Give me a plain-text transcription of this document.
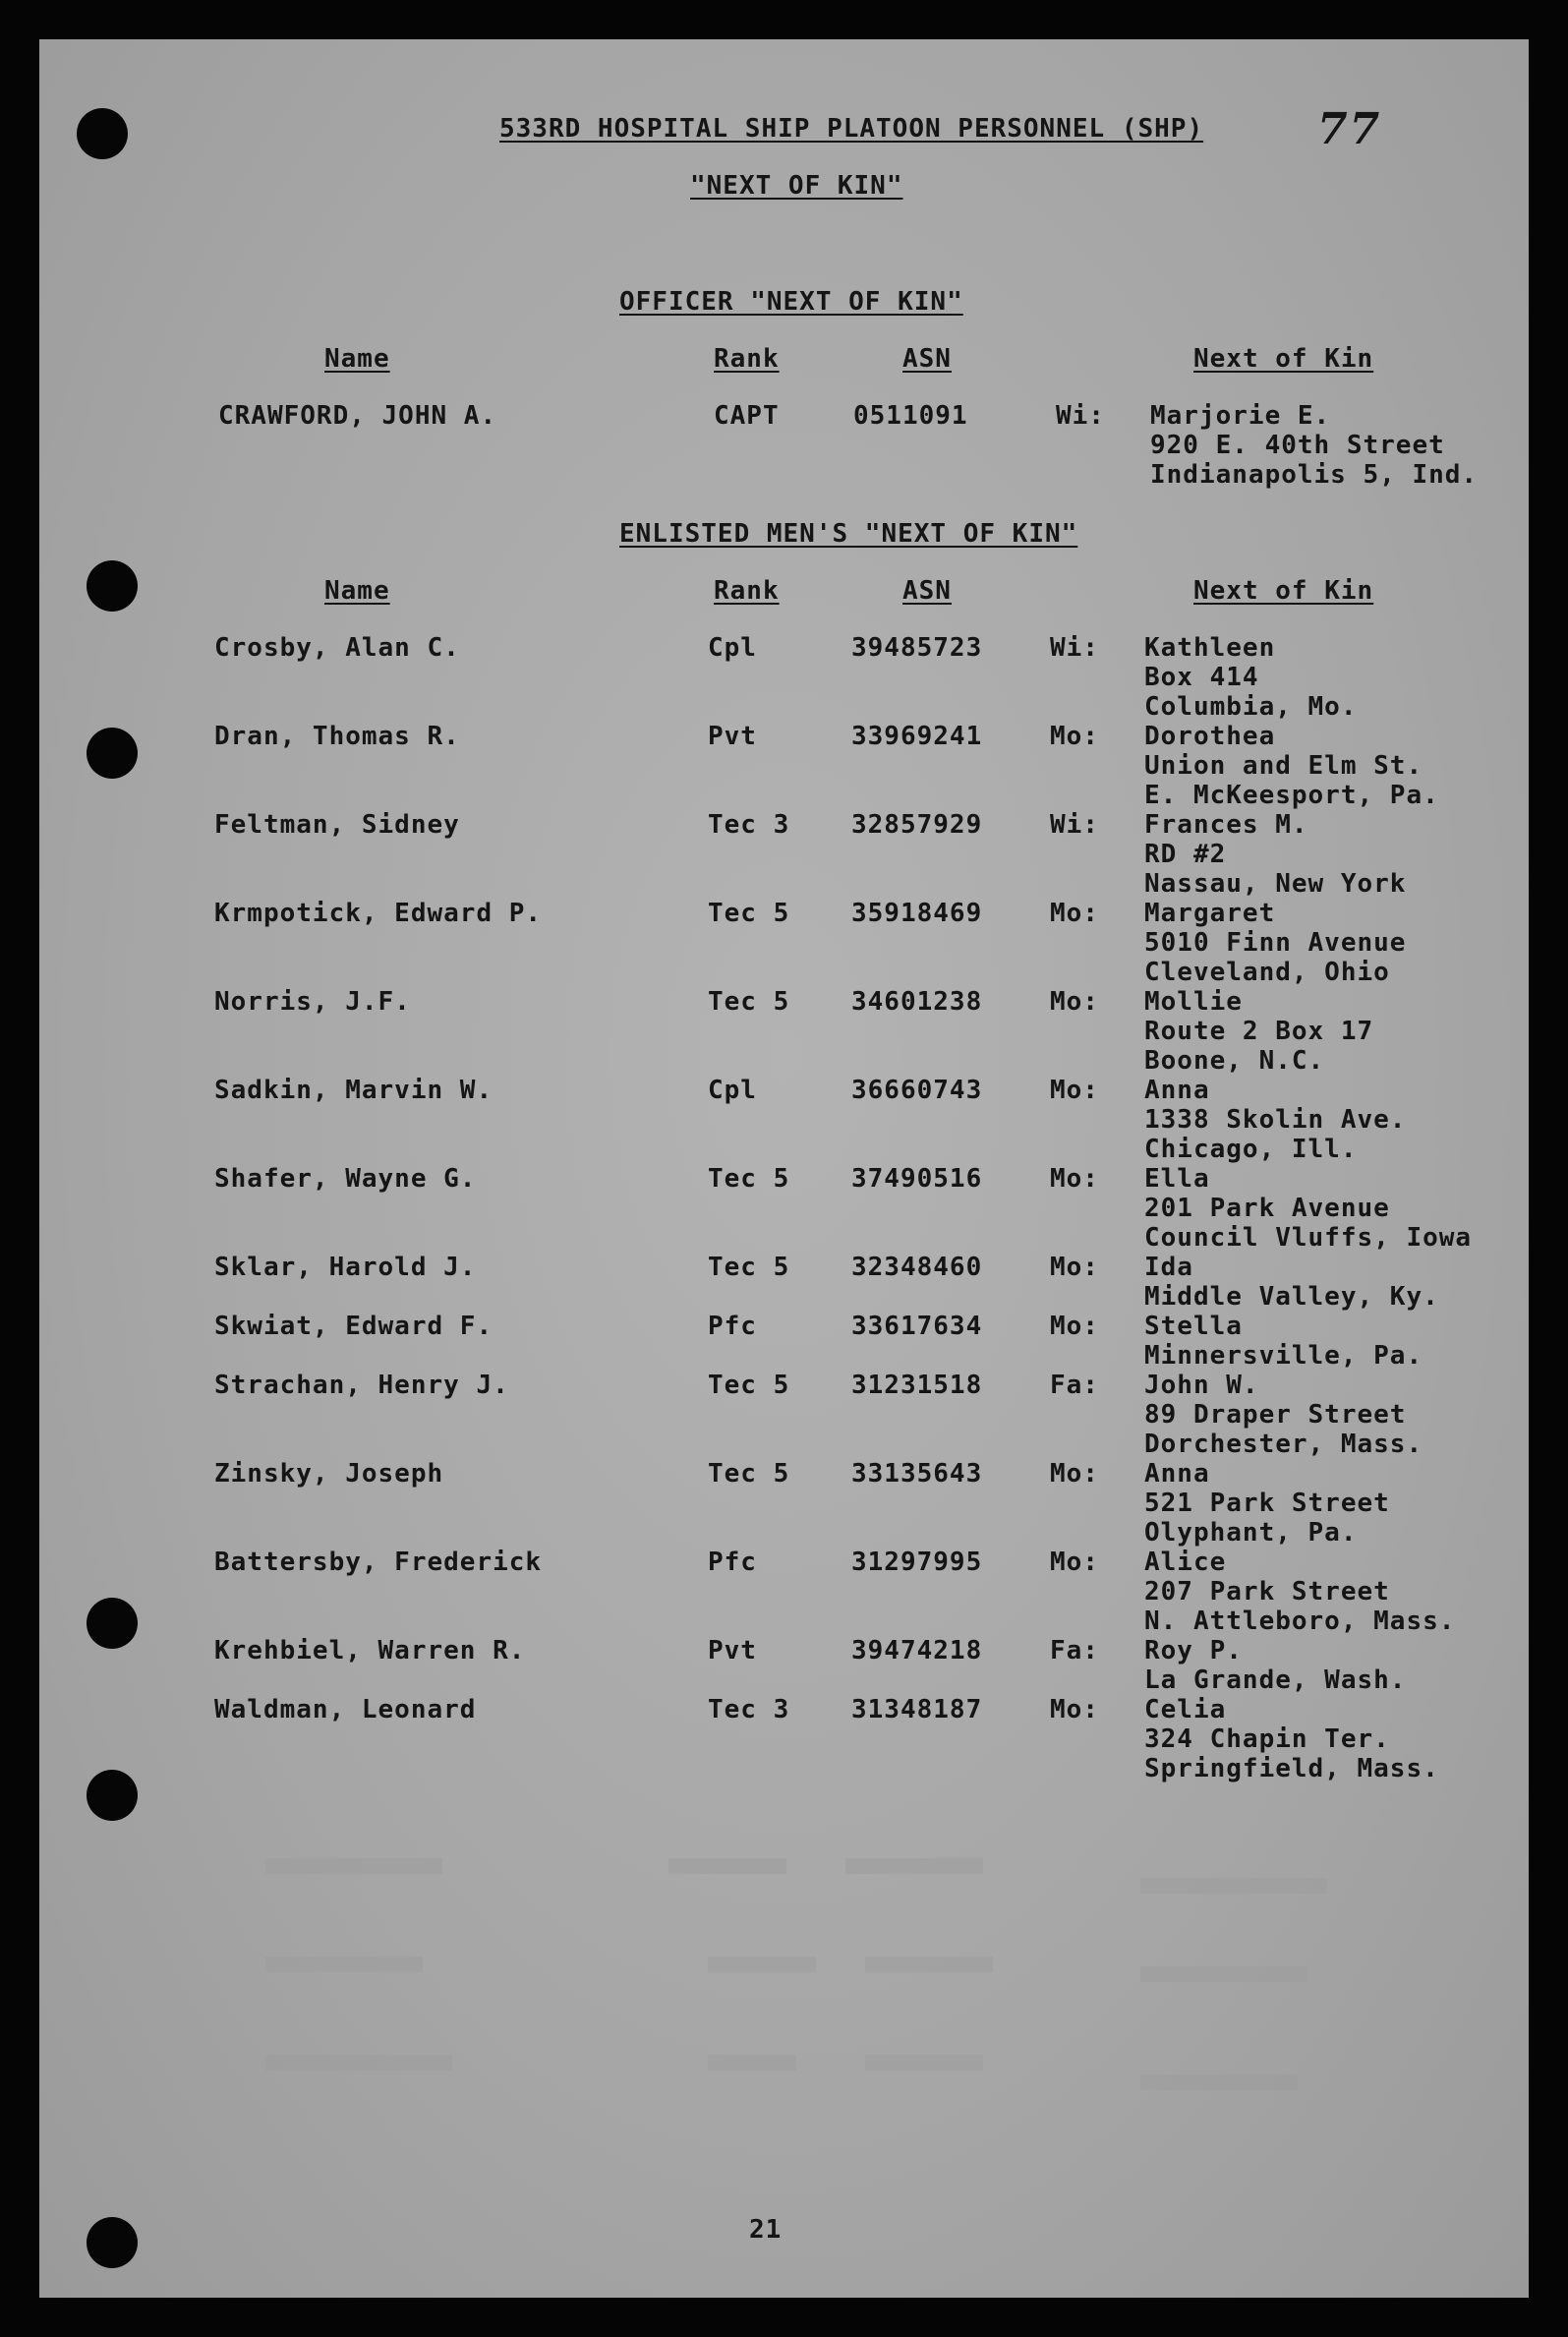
533RD HOSPITAL SHIP PLATOON PERSONNEL (SHP)	77
"NEXT OF KIN"
OFFICER "NEXT OF KIN"
Name	Rank	ASN	Next of Kin
CRAWFORD, JOHN A.	CAPT	0511091	Wi: Marjorie E.
920 E. 40th Street
Indianapolis 5, Ind.
ENLISTED MEN'S "NEXT OF KIN"
Name	Rank	ASN	Next of Kin
Crosby, Alan C.	Cpl	39485723	Wi: Kathleen
Box 414
Columbia, Mo.
Dran, Thomas R.	Pvt	33969241	Mo: Dorothea
Union and Elm St.
E. McKeesport, Pa.
Feltman, Sidney	Tec 3 32857929	Wi: Frances M.
RD #2
Nassau, New York
Krmpotick, Edward P.	Tec 5 35918469	Mo: Margaret
5010 Finn Avenue
Cleveland, Ohio
Norris, J.F.	Tec 5 34601238	Mo: Mollie
Route 2 Box 17
Boone, N.C.
Sadkin, Marvin W.	Cpl	36660743	Mo: Anna
1338 Skolin Ave.
Chicago, Ill.
Shafer, Wayne G.	Tec 5 37490516	Mo: Ella
201 Park Avenue
Council Vluffs, Iowa
Sklar, Harold J.	Tec 5 32348460	Mo: Ida
Middle Valley, Ky.
Skwiat, Edward F.	Pfc	33617634	Mo: Stella
Minnersville, Pa.
Strachan, Henry J.	Tec 5 31231518	Fa: John W.
89 Draper Street
Dorchester, Mass.
Zinsky, Joseph	Tec 5 33135643	Mo: Anna
521 Park Street
Olyphant, Pa.
Battersby, Frederick	Pfc	31297995	Mo: Alice
207 Park Street
N. Attleboro, Mass.
Krehbiel, Warren R.	Pvt	39474218	Fa: Roy P.
La Grande, Wash.
Waldman, Leonard	Tec 3 31348187	Mo: Celia
324 Chapin Ter.
Springfield, Mass.
21
